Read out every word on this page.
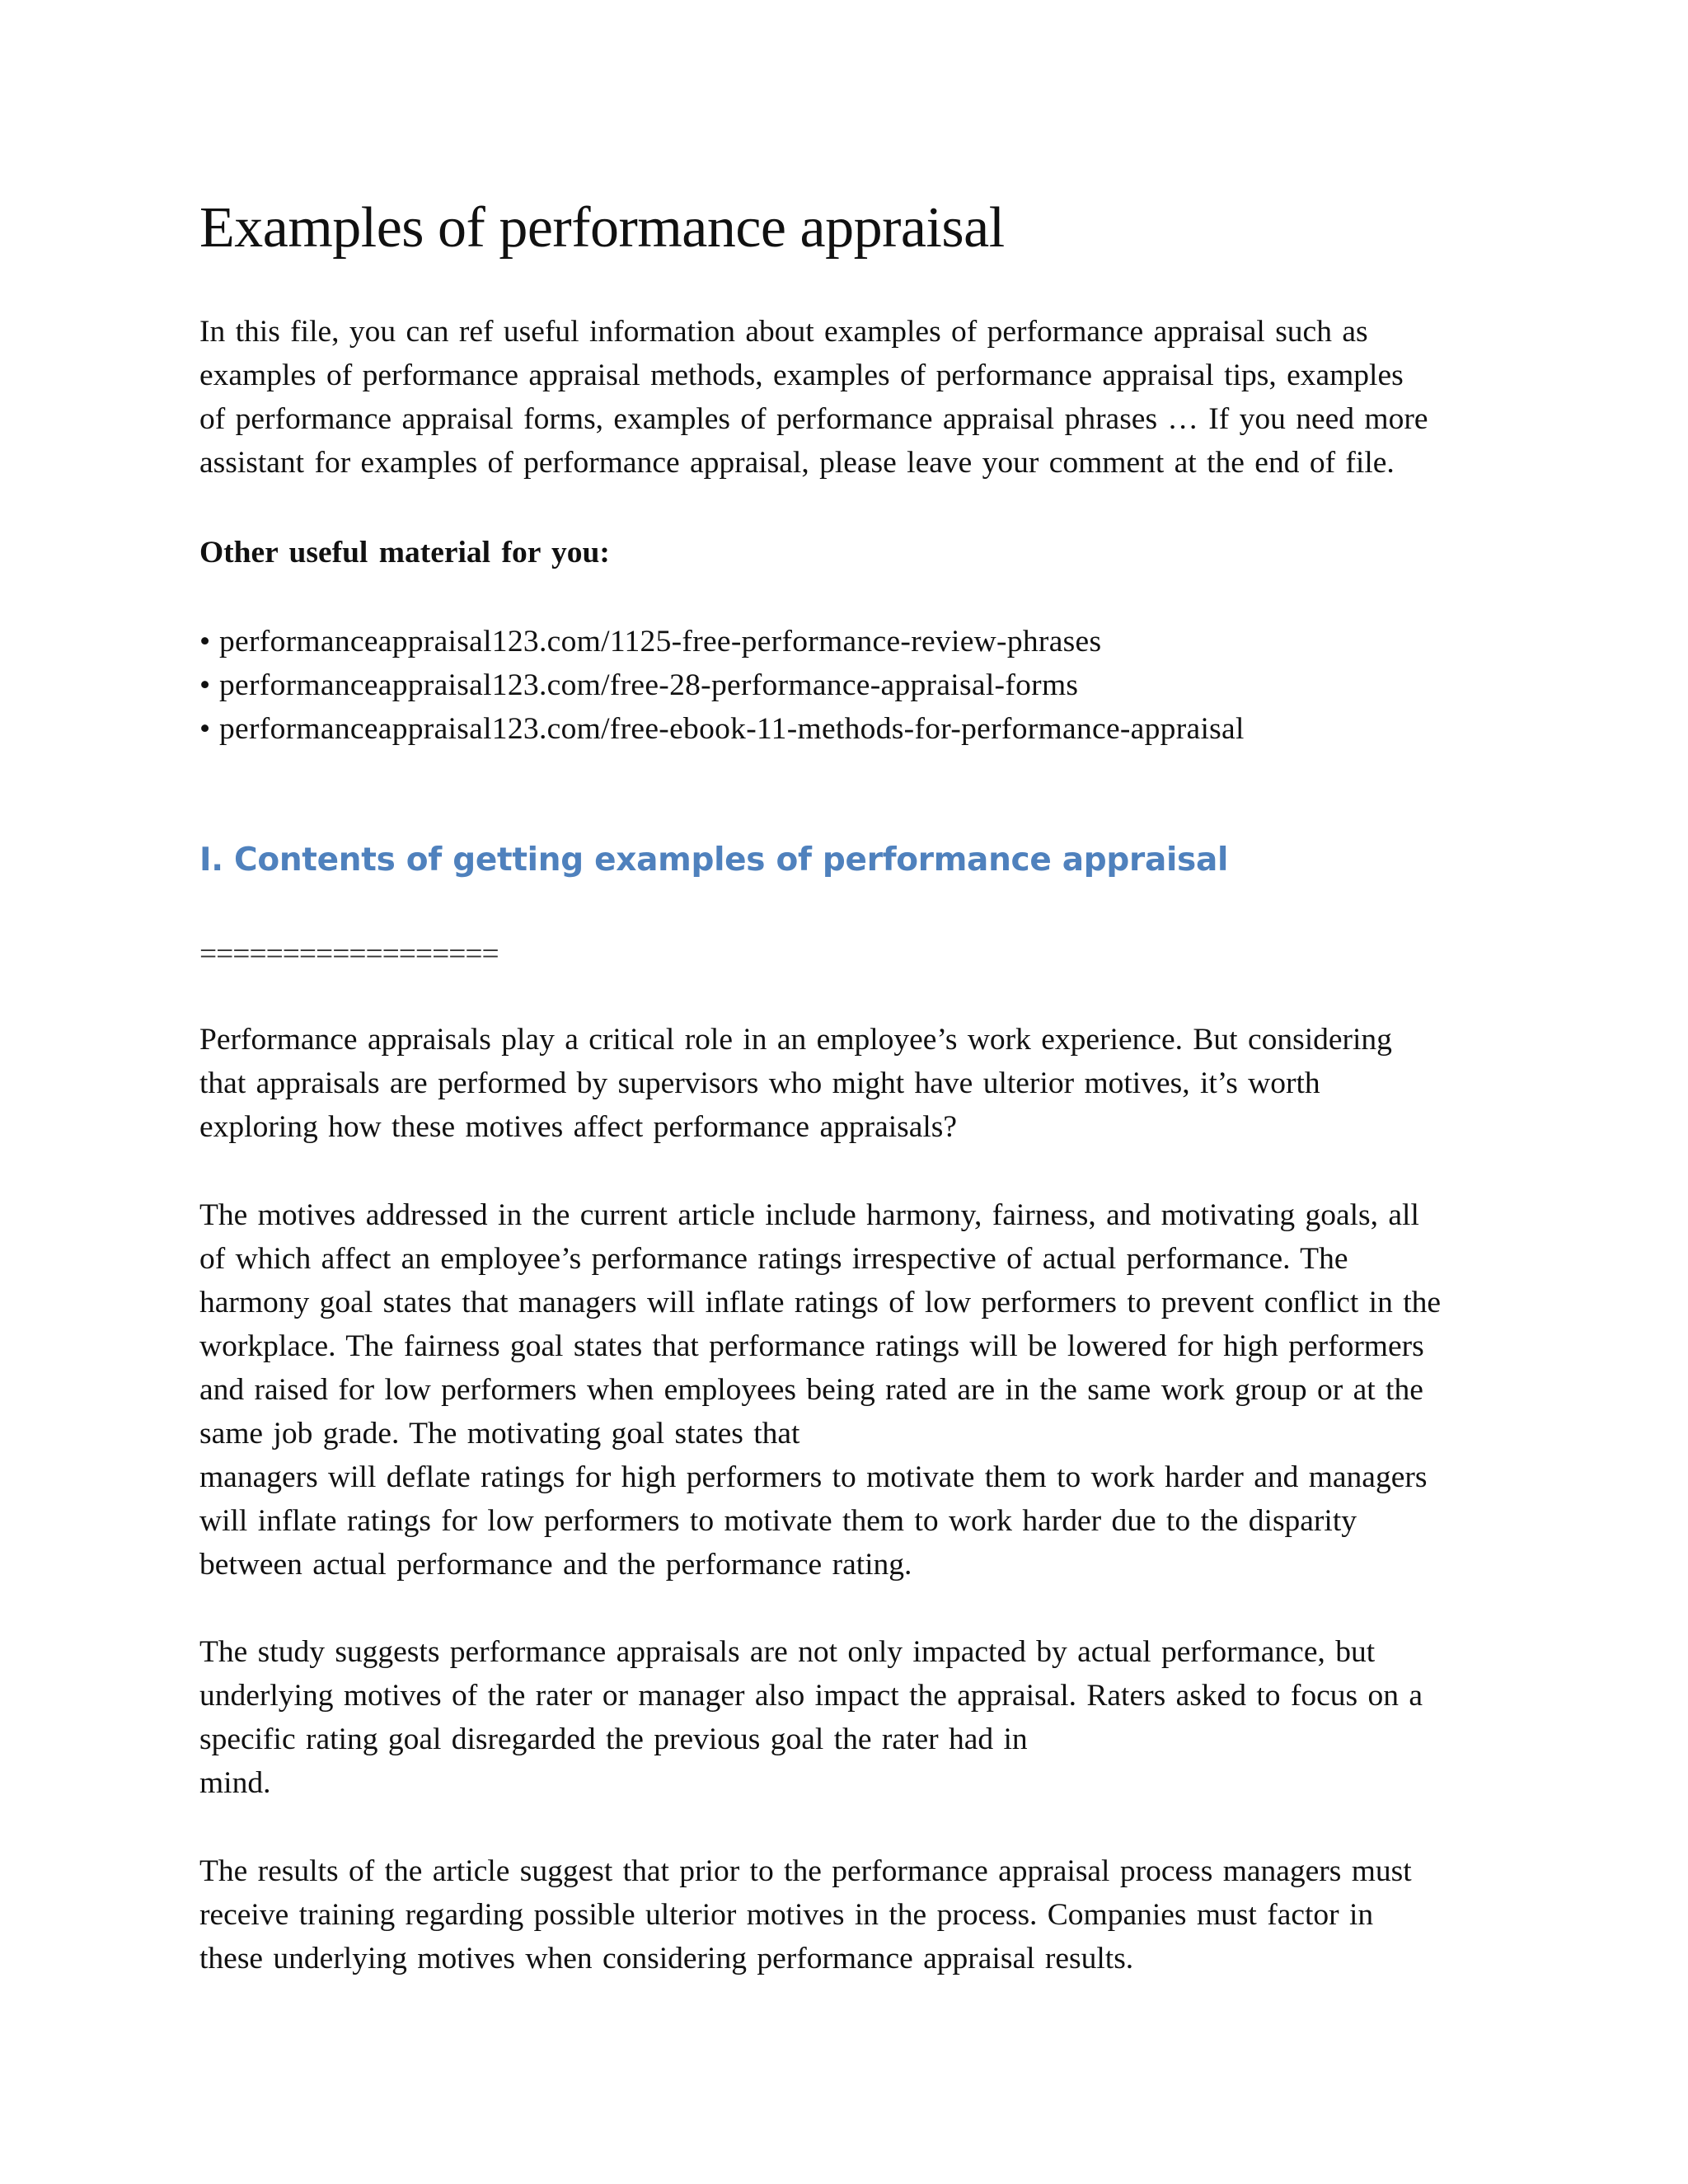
Examples of performance appraisal
In this file, you can ref useful information about examples of performance appraisal such as
examples of performance appraisal methods, examples of performance appraisal tips, examples
of performance appraisal forms, examples of performance appraisal phrases … If you need more
assistant for examples of performance appraisal, please leave your comment at the end of file.

Other useful material for you:

• performanceappraisal123.com/1125-free-performance-review-phrases
• performanceappraisal123.com/free-28-performance-appraisal-forms
• performanceappraisal123.com/free-ebook-11-methods-for-performance-appraisal
I. Contents of getting examples of performance appraisal

==================

Performance appraisals play a critical role in an employee’s work experience. But considering
that appraisals are performed by supervisors who might have ulterior motives, it’s worth
exploring how these motives affect performance appraisals?
The motives addressed in the current article include harmony, fairness, and motivating goals, all
of which affect an employee’s performance ratings irrespective of actual performance. The
harmony goal states that managers will inflate ratings of low performers to prevent conflict in the
workplace. The fairness goal states that performance ratings will be lowered for high performers
and raised for low performers when employees being rated are in the same work group or at the
same job grade. The motivating goal states that
managers will deflate ratings for high performers to motivate them to work harder and managers
will inflate ratings for low performers to motivate them to work harder due to the disparity
between actual performance and the performance rating.
The study suggests performance appraisals are not only impacted by actual performance, but
underlying motives of the rater or manager also impact the appraisal. Raters asked to focus on a
specific rating goal disregarded the previous goal the rater had in
mind.
The results of the article suggest that prior to the performance appraisal process managers must
receive training regarding possible ulterior motives in the process. Companies must factor in
these underlying motives when considering performance appraisal results.
